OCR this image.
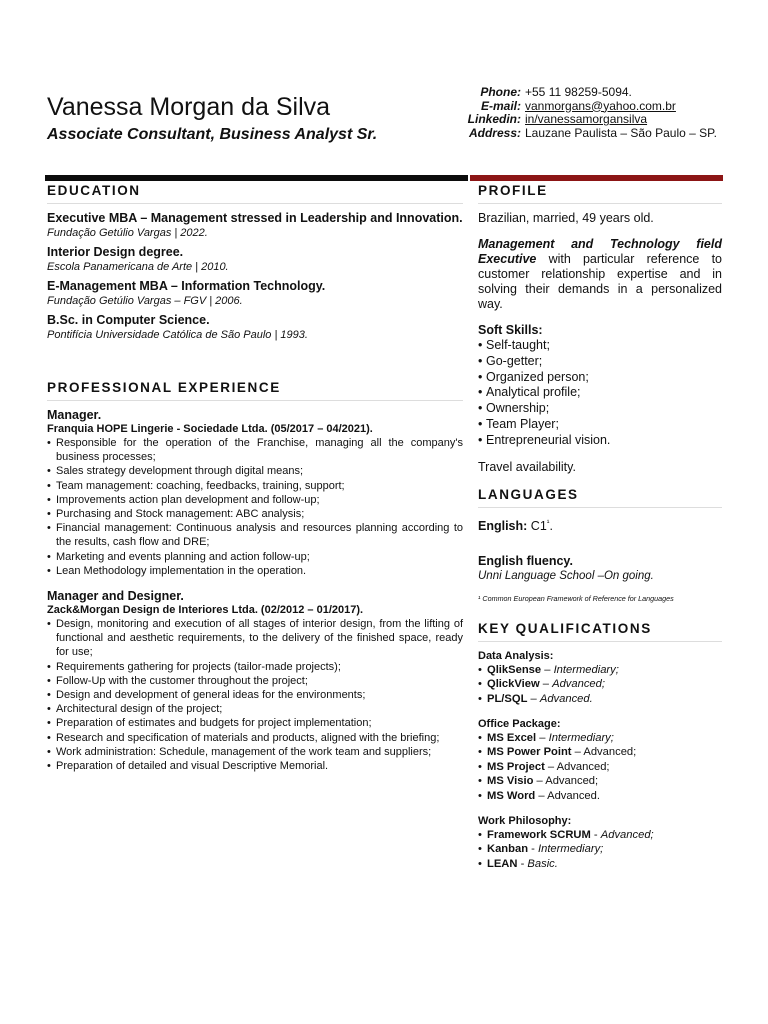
Vanessa Morgan da Silva
Associate Consultant, Business Analyst Sr.
Phone: +55 11 98259-5094.
E-mail: vanmorgans@yahoo.com.br
Linkedin: in/vanessamorgansilva
Address: Lauzane Paulista – São Paulo – SP.
EDUCATION
Executive MBA – Management stressed in Leadership and Innovation.
Fundação Getúlio Vargas | 2022.
Interior Design degree.
Escola Panamericana de Arte | 2010.
E-Management MBA – Information Technology.
Fundação Getúlio Vargas – FGV | 2006.
B.Sc. in Computer Science.
Pontifícia Universidade Católica de São Paulo | 1993.
PROFESSIONAL EXPERIENCE
Manager.
Franquia HOPE Lingerie - Sociedade Ltda. (05/2017 – 04/2021).
• Responsible for the operation of the Franchise, managing all the company's business processes;
• Sales strategy development through digital means;
• Team management: coaching, feedbacks, training, support;
• Improvements action plan development and follow-up;
• Purchasing and Stock management: ABC analysis;
• Financial management: Continuous analysis and resources planning according to the results, cash flow and DRE;
• Marketing and events planning and action follow-up;
• Lean Methodology implementation in the operation.
Manager and Designer.
Zack&Morgan Design de Interiores Ltda. (02/2012 – 01/2017).
• Design, monitoring and execution of all stages of interior design, from the lifting of functional and aesthetic requirements, to the delivery of the finished space, ready for use;
• Requirements gathering for projects (tailor-made projects);
• Follow-Up with the customer throughout the project;
• Design and development of general ideas for the environments;
• Architectural design of the project;
• Preparation of estimates and budgets for project implementation;
• Research and specification of materials and products, aligned with the briefing;
• Work administration: Schedule, management of the work team and suppliers;
• Preparation of detailed and visual Descriptive Memorial.
PROFILE
Brazilian, married, 49 years old.
Management and Technology field Executive with particular reference to customer relationship expertise and in solving their demands in a personalized way.
Soft Skills:
• Self-taught;
• Go-getter;
• Organized person;
• Analytical profile;
• Ownership;
• Team Player;
• Entrepreneurial vision.
Travel availability.
LANGUAGES
English: $C1^{^1}$.
English fluency.
Unni Language School –On going.
¹ Common European Framework of Reference for Languages
KEY QUALIFICATIONS
Data Analysis:
• QlikSense – Intermediary;
• QlickView – Advanced;
• PL/SQL – Advanced.
Office Package:
• MS Excel – Intermediary;
• MS Power Point – Advanced;
• MS Project – Advanced;
• MS Visio – Advanced;
• MS Word – Advanced.
Work Philosophy:
• Framework SCRUM - Advanced;
• Kanban - Intermediary;
• LEAN - Basic.
